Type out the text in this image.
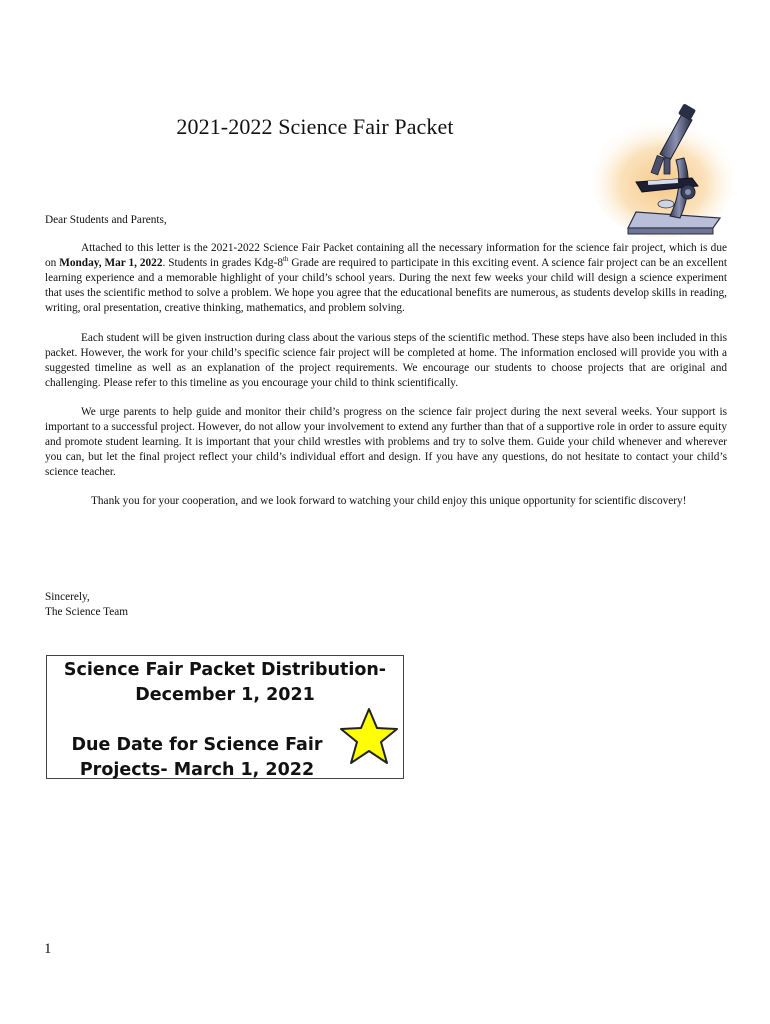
2021-2022 Science Fair Packet

Dear Students and Parents,

Attached to this letter is the 2021-2022 Science Fair Packet containing all the necessary information for the science fair project, which is due on Monday, Mar 1, 2022. Students in grades Kdg-8th Grade are required to participate in this exciting event. A science fair project can be an excellent learning experience and a memorable highlight of your child’s school years. During the next few weeks your child will design a science experiment that uses the scientific method to solve a problem. We hope you agree that the educational benefits are numerous, as students develop skills in reading, writing, oral presentation, creative thinking, mathematics, and problem solving.

Each student will be given instruction during class about the various steps of the scientific method. These steps have also been included in this packet. However, the work for your child’s specific science fair project will be completed at home. The information enclosed will provide you with a suggested timeline as well as an explanation of the project requirements. We encourage our students to choose projects that are original and challenging. Please refer to this timeline as you encourage your child to think scientifically.

We urge parents to help guide and monitor their child’s progress on the science fair project during the next several weeks. Your support is important to a successful project. However, do not allow your involvement to extend any further than that of a supportive role in order to assure equity and promote student learning. It is important that your child wrestles with problems and try to solve them. Guide your child whenever and wherever you can, but let the final project reflect your child’s individual effort and design. If you have any questions, do not hesitate to contact your child’s science teacher.

Thank you for your cooperation, and we look forward to watching your child enjoy this unique opportunity for scientific discovery!

Sincerely,
The Science Team
Science Fair Packet Distribution-
December 1, 2021
Due Date for Science Fair
Projects- March 1, 2022
1
